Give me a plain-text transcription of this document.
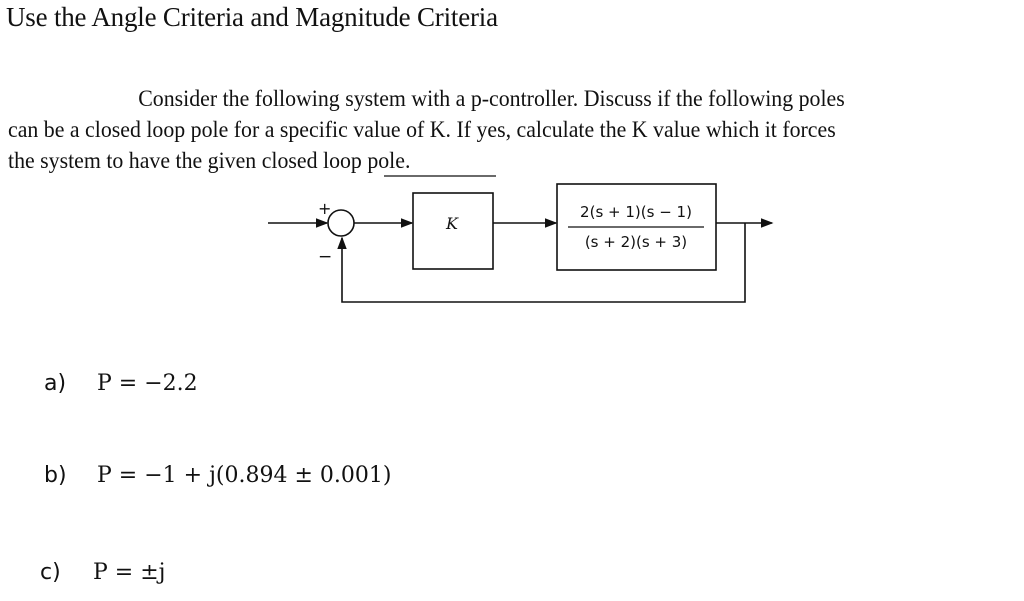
Use the Angle Criteria and Magnitude Criteria
Consider the following system with a p-controller. Discuss if the following poles
can be a closed loop pole for a specific value of K. If yes, calculate the K value which it forces
the system to have the given closed loop pole.
+
−
K
2(s + 1)(s − 1)
(s + 2)(s + 3)
a) P = −2.2
b) P = −1 + j(0.894 ± 0.001)
c) P = ±j
